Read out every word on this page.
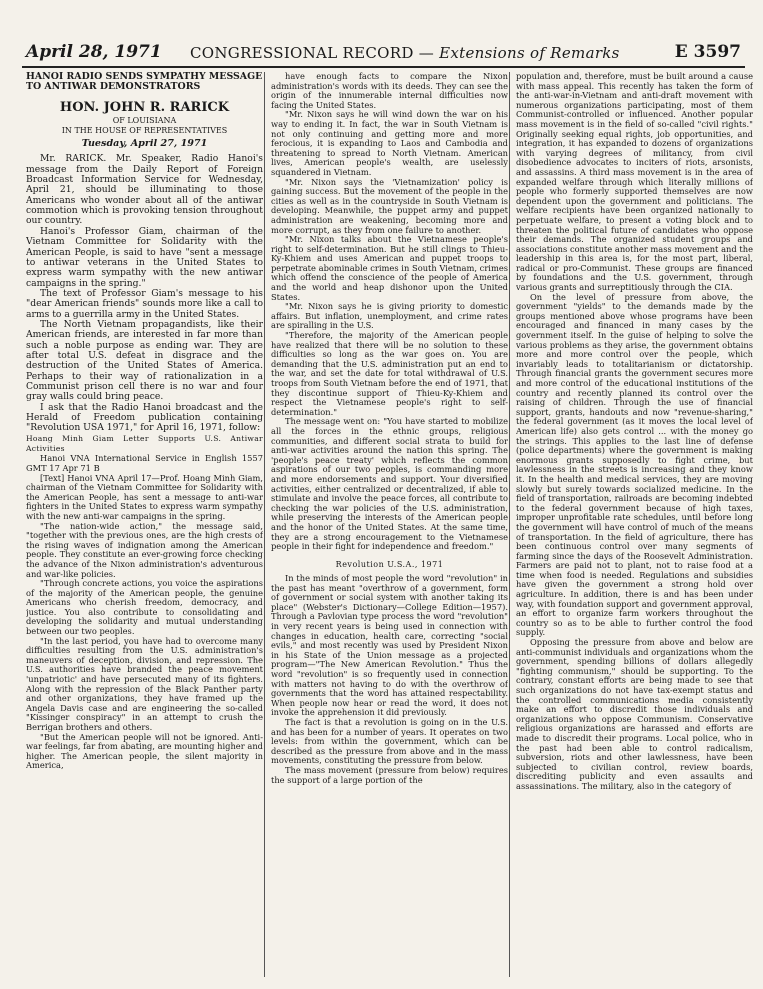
April 28, 1971 CONGRESSIONAL RECORD — Extensions of Remarks	E 3597

HANOI RADIO SENDS SYMPATHY MESSAGE TO ANTIWAR DEMONSTRATORS

HON. JOHN R. RARICK

OF LOUISIANA

IN THE HOUSE OF REPRESENTATIVES

Tuesday, April 27, 1971

Mr. RARICK. Mr. Speaker, Radio Hanoi's message from the Daily Report of Foreign Broadcast Information Service for Wednesday, April 21, should be illuminating to those Americans who wonder about all of the antiwar commotion which is provoking tension throughout our country.

Hanoi's Professor Giam, chairman of the Vietnam Committee for Solidarity with the American People, is said to have "sent a message to antiwar veterans in the United States to express warm sympathy with the new antiwar campaigns in the spring."

The text of Professor Giam's message to his "dear American friends" sounds more like a call to arms to a guerrilla army in the United States.

The North Vietnam propagandists, like their American friends, are interested in far more than such a noble purpose as ending war. They are after total U.S. defeat in disgrace and the destruction of the United States of America. Perhaps to their way of rationalization in a Communist prison cell there is no war and four gray walls could bring peace.

I ask that the Radio Hanoi broadcast and the Herald of Freedom publication containing "Revolution USA 1971," for April 16, 1971, follow:

Hoang Minh Giam Letter Supports U.S. Antiwar Activities

Hanoi VNA International Service in English 1557 GMT 17 Apr 71 B

[Text] Hanoi VNA April 17—Prof. Hoang Minh Giam, chairman of the Vietnam Committee for Solidarity with the American People, has sent a message to anti-war fighters in the United States to express warm sympathy with the new anti-war campaigns in the spring.

"The nation-wide action," the message said, "together with the previous ones, are the high crests of the rising waves of indignation among the American people. They constitute an ever-growing force checking the advance of the Nixon administration's adventurous and war-like policies.

"Through concrete actions, you voice the aspirations of the majority of the American people, the genuine Americans who cherish freedom, democracy, and justice. You also contribute to consolidating and developing the solidarity and mutual understanding between our two peoples.

"In the last period, you have had to overcome many difficulties resulting from the U.S. administration's maneuvers of deception, division, and repression. The U.S. authorities have branded the peace movement 'unpatriotic' and have persecuted many of its fighters. Along with the repression of the Black Panther party and other organizations, they have framed up the Angela Davis case and are engineering the so-called "Kissinger conspiracy" in an attempt to crush the Berrigan brothers and others.

"But the American people will not be ignored. Anti-war feelings, far from abating, are mounting higher and higher. The American people, the silent majority in America,

have enough facts to compare the Nixon administration's words with its deeds. They can see the origin of the innumerable internal difficulties now facing the United States.

"Mr. Nixon says he will wind down the war on his way to ending it. In fact, the war in South Vietnam is not only continuing and getting more and more ferocious, it is expanding to Laos and Cambodia and threatening to spread to North Vietnam. American lives, American people's wealth, are uselessly squandered in Vietnam.

"Mr. Nixon says the 'Vietnamization' policy is gaining success. But the movement of the people in the cities as well as in the countryside in South Vietnam is developing. Meanwhile, the puppet army and puppet administration are weakening, becoming more and more corrupt, as they from one failure to another.

"Mr. Nixon talks about the Vietnamese people's right to self-determination. But he still clings to Thieu-Ky-Khiem and uses American and puppet troops to perpetrate abominable crimes in South Vietnam, crimes which offend the conscience of the people of America and the world and heap dishonor upon the United States.

"Mr. Nixon says he is giving priority to domestic affairs. But inflation, unemployment, and crime rates are spiralling in the U.S.

"Therefore, the majority of the American people have realized that there will be no solution to these difficulties so long as the war goes on. You are demanding that the U.S. administration put an end to the war, and set the date for total withdrawal of U.S. troops from South Vietnam before the end of 1971, that they discontinue support of Thieu-Ky-Khiem and respect the Vietnamese people's right to self-determination."

The message went on: "You have started to mobilize all the forces in the ethnic groups, religious communities, and different social strata to build for anti-war activities around the nation this spring. The 'people's peace treaty' which reflects the common aspirations of our two peoples, is commanding more and more endorsements and support. Your diversified activities, either centralized or decentralized, if able to stimulate and involve the peace forces, all contribute to checking the war policies of the U.S. administration, while preserving the interests of the American people and the honor of the United States. At the same time, they are a strong encouragement to the Vietnamese people in their fight for independence and freedom."

Revolution U.S.A., 1971

In the minds of most people the word "revolution" in the past has meant "overthrow of a government, form of government or social system with another taking its place" (Webster's Dictionary—College Edition—1957). Through a Pavlovian type process the word "revolution" in very recent years is being used in connection with changes in education, health care, correcting "social evils," and most recently was used by President Nixon in his State of the Union message as a projected program—"The New American Revolution." Thus the word "revolution" is so frequently used in connection with matters not having to do with the overthrow of governments that the word has attained respectability. When people now hear or read the word, it does not invoke the apprehension it did previously.

The fact is that a revolution is going on in the U.S. and has been for a number of years. It operates on two levels: from within the government, which can be described as the pressure from above and in the mass movements, constituting the pressure from below.

The mass movement (pressure from below) requires the support of a large portion of the

population and, therefore, must be built around a cause with mass appeal. This recently has taken the form of the anti-war-in-Vietnam and anti-draft movement with numerous organizations participating, most of them Communist-controlled or influenced. Another popular mass movement is in the field of so-called "civil rights." Originally seeking equal rights, job opportunities, and integration, it has expanded to dozens of organizations with varying degrees of militancy, from civil disobedience advocates to inciters of riots, arsonists, and assassins. A third mass movement is in the area of expanded welfare through which literally millions of people who formerly supported themselves are now dependent upon the government and politicians. The welfare recipients have been organized nationally to perpetuate welfare, to present a voting block and to threaten the political future of candidates who oppose their demands. The organized student groups and associations constitute another mass movement and the leadership in this area is, for the most part, liberal, radical or pro-Communist. These groups are financed by foundations and the U.S. government, through various grants and surreptitiously through the CIA.

On the level of pressure from above, the government "yields" to the demands made by the groups mentioned above whose programs have been encouraged and financed in many cases by the government itself. In the guise of helping to solve the various problems as they arise, the government obtains more and more control over the people, which invariably leads to totalitarianism or dictatorship. Through financial grants the government secures more and more control of the educational institutions of the country and recently planned its control over the raising of children. Through the use of financial support, grants, handouts and now "revenue-sharing," the federal government (as it moves the local level of American life) also gets control ... with the money go the strings. This applies to the last line of defense (police departments) where the government is making enormous grants supposedly to fight crime, but lawlessness in the streets is increasing and they know it. In the health and medical services, they are moving slowly but surely towards socialized medicine. In the field of transportation, railroads are becoming indebted to the federal government because of high taxes, improper unprofitable rate schedules, until before long the government will have control of much of the means of transportation. In the field of agriculture, there has been continuous control over many segments of farming since the days of the Roosevelt Administration. Farmers are paid not to plant, not to raise food at a time when food is needed. Regulations and subsidies have given the government a strong hold over agriculture. In addition, there is and has been under way, with foundation support and government approval, an effort to organize farm workers throughout the country so as to be able to further control the food supply.

Opposing the pressure from above and below are anti-communist individuals and organizations whom the government, spending billions of dollars allegedly "fighting communism," should be supporting. To the contrary, constant efforts are being made to see that such organizations do not have tax-exempt status and the controlled communications media consistently make an effort to discredit those individuals and organizations who oppose Communism. Conservative religious organizations are harassed and efforts are made to discredit their programs. Local police, who in the past had been able to control radicalism, subversion, riots and other lawlessness, have been subjected to civilian control, review boards, discrediting publicity and even assaults and assassinations. The military, also in the category of
